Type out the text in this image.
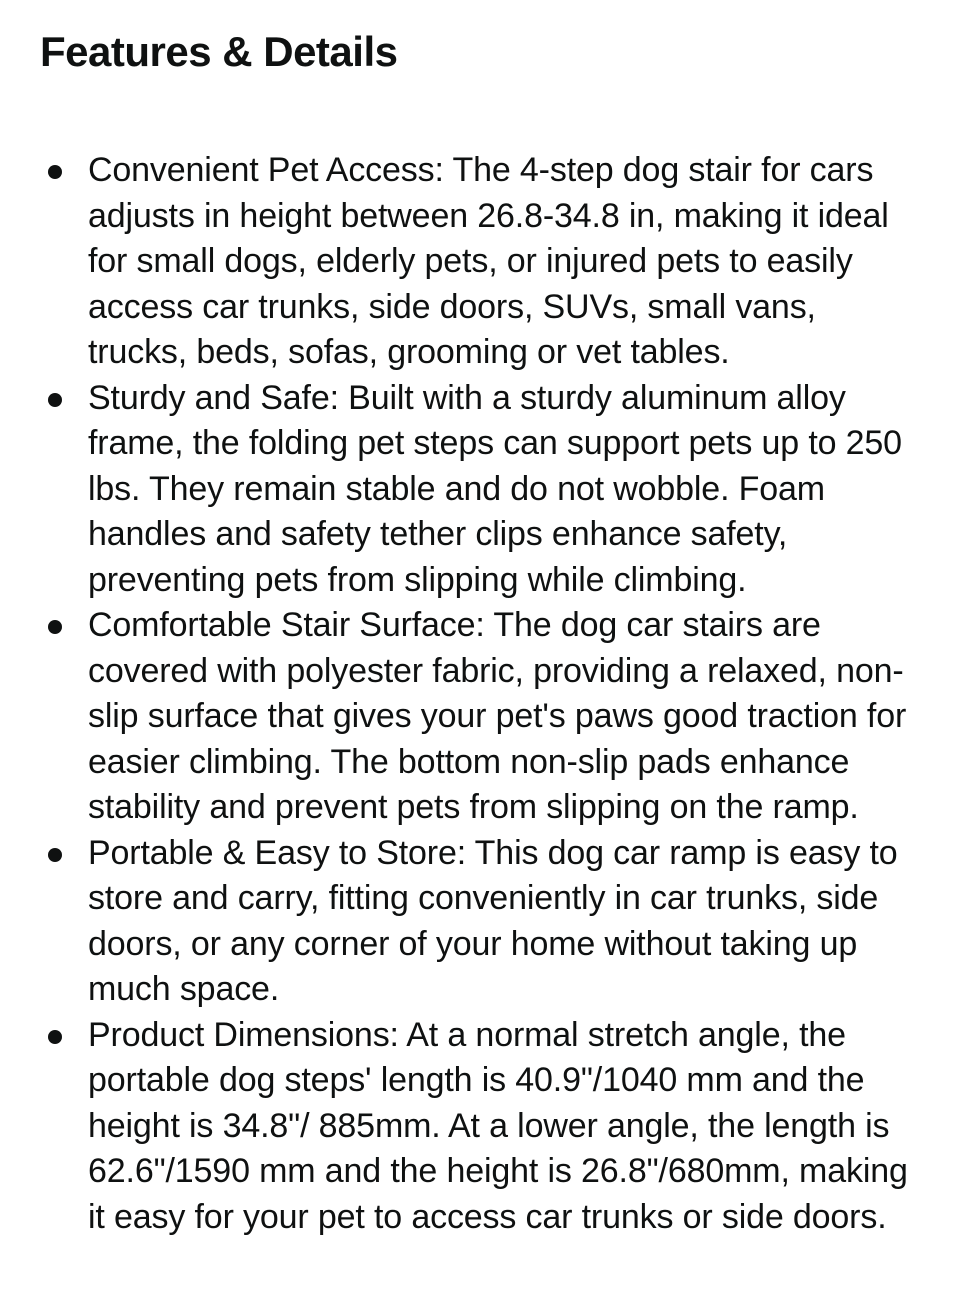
Features & Details
Convenient Pet Access: The 4-step dog stair for cars adjusts in height between 26.8-34.8 in, making it ideal for small dogs, elderly pets, or injured pets to easily access car trunks, side doors, SUVs, small vans, trucks, beds, sofas, grooming or vet tables.
Sturdy and Safe: Built with a sturdy aluminum alloy frame, the folding pet steps can support pets up to 250 lbs. They remain stable and do not wobble. Foam handles and safety tether clips enhance safety, preventing pets from slipping while climbing.
Comfortable Stair Surface: The dog car stairs are covered with polyester fabric, providing a relaxed, non-slip surface that gives your pet's paws good traction for easier climbing. The bottom non-slip pads enhance stability and prevent pets from slipping on the ramp.
Portable & Easy to Store: This dog car ramp is easy to store and carry, fitting conveniently in car trunks, side doors, or any corner of your home without taking up much space.
Product Dimensions: At a normal stretch angle, the portable dog steps' length is 40.9"/1040 mm and the height is 34.8"/ 885mm. At a lower angle, the length is 62.6"/1590 mm and the height is 26.8"/680mm, making it easy for your pet to access car trunks or side doors.
